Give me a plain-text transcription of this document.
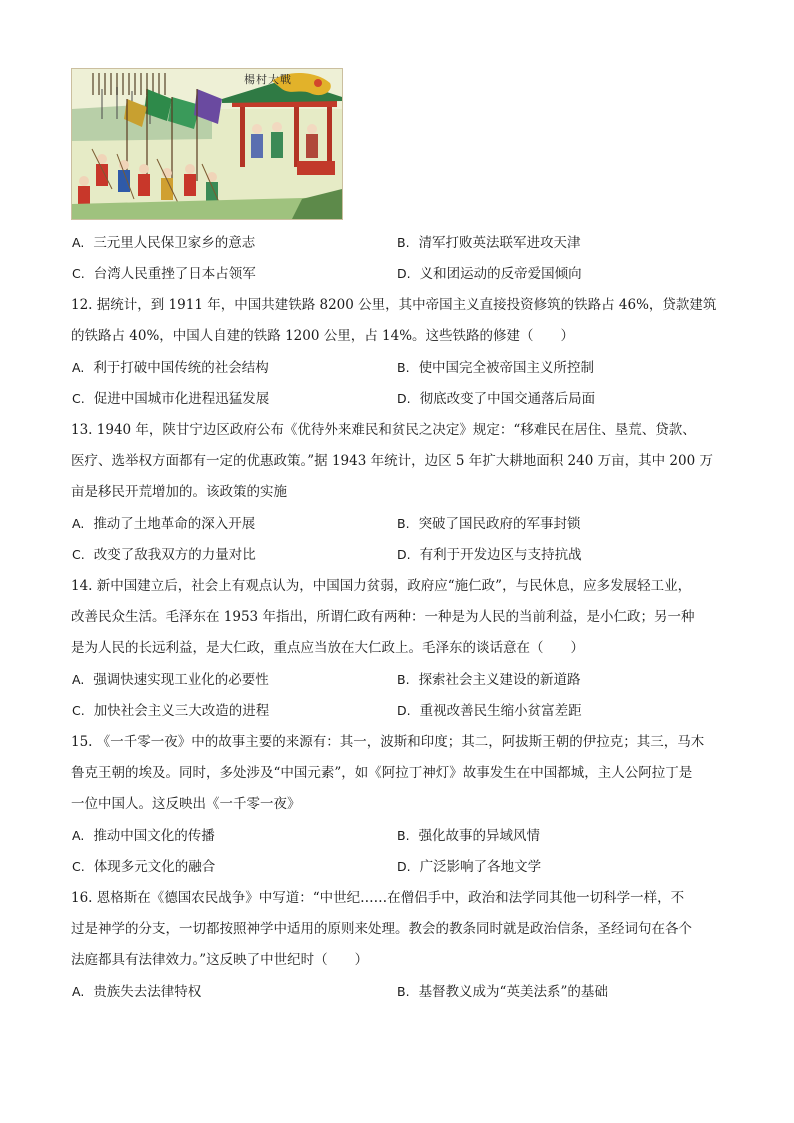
楊村大戰
A. 三元里人民保卫家乡的意志	B. 清军打败英法联军进攻天津
C. 台湾人民重挫了日本占领军	D. 义和团运动的反帝爱国倾向

12. 据统计，到 1911 年，中国共建铁路 8200 公里，其中帝国主义直接投资修筑的铁路占 46%，贷款建筑

的铁路占 40%，中国人自建的铁路 1200 公里，占 14%。这些铁路的修建（　　）

A. 利于打破中国传统的社会结构	B. 使中国完全被帝国主义所控制
C. 促进中国城市化进程迅猛发展	D. 彻底改变了中国交通落后局面

13. 1940 年，陕甘宁边区政府公布《优待外来难民和贫民之决定》规定：“移难民在居住、垦荒、贷款、

医疗、选举权方面都有一定的优惠政策。”据 1943 年统计，边区 5 年扩大耕地面积 240 万亩，其中 200 万

亩是移民开荒增加的。该政策的实施

A. 推动了土地革命的深入开展	B. 突破了国民政府的军事封锁
C. 改变了敌我双方的力量对比	D. 有利于开发边区与支持抗战

14. 新中国建立后，社会上有观点认为，中国国力贫弱，政府应“施仁政”，与民休息，应多发展轻工业，

改善民众生活。毛泽东在 1953 年指出，所谓仁政有两种：一种是为人民的当前利益，是小仁政；另一种

是为人民的长远利益，是大仁政，重点应当放在大仁政上。毛泽东的谈话意在（　　）

A. 强调快速实现工业化的必要性	B. 探索社会主义建设的新道路
C. 加快社会主义三大改造的进程	D. 重视改善民生缩小贫富差距

15. 《一千零一夜》中的故事主要的来源有：其一，波斯和印度；其二，阿拔斯王朝的伊拉克；其三，马木

鲁克王朝的埃及。同时，多处涉及“中国元素”，如《阿拉丁神灯》故事发生在中国都城，主人公阿拉丁是

一位中国人。这反映出《一千零一夜》

A. 推动中国文化的传播	B. 强化故事的异域风情
C. 体现多元文化的融合	D. 广泛影响了各地文学

16. 恩格斯在《德国农民战争》中写道：“中世纪……在僧侣手中，政治和法学同其他一切科学一样，不

过是神学的分支，一切都按照神学中适用的原则来处理。教会的教条同时就是政治信条，圣经词句在各个

法庭都具有法律效力。”这反映了中世纪时（　　）

A. 贵族失去法律特权	B. 基督教义成为“英美法系”的基础
